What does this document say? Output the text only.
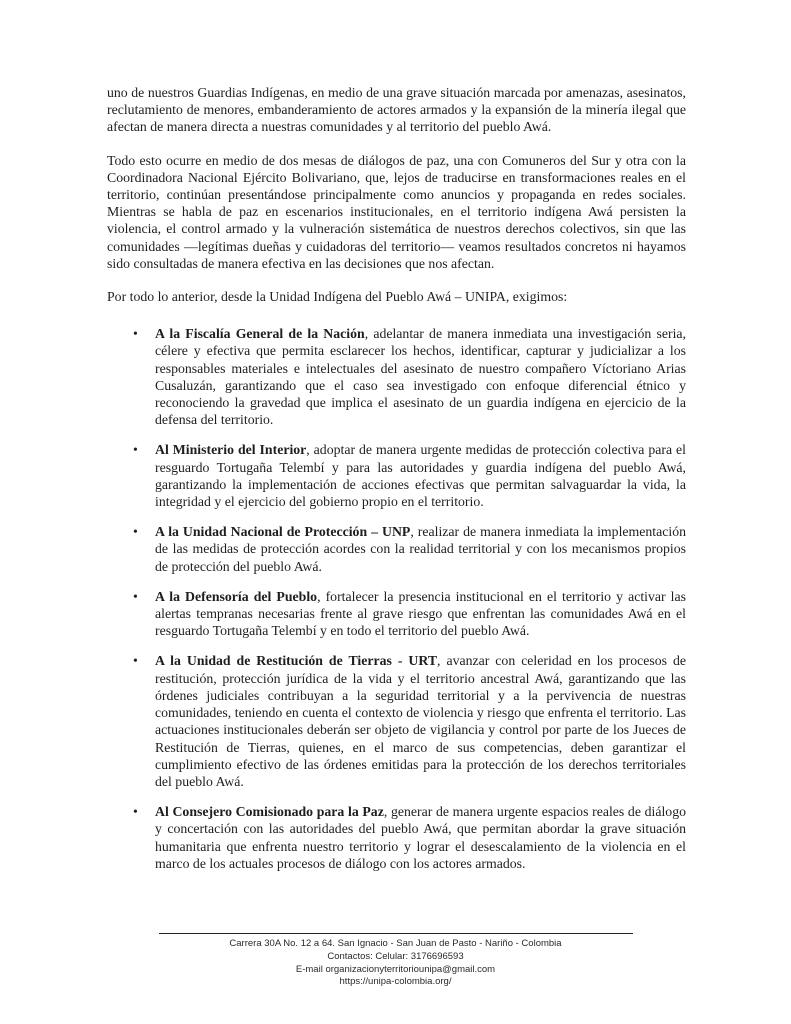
uno de nuestros Guardias Indígenas, en medio de una grave situación marcada por amenazas, asesinatos, reclutamiento de menores, embanderamiento de actores armados y la expansión de la minería ilegal que afectan de manera directa a nuestras comunidades y al territorio del pueblo Awá.

Todo esto ocurre en medio de dos mesas de diálogos de paz, una con Comuneros del Sur y otra con la Coordinadora Nacional Ejército Bolivariano, que, lejos de traducirse en transformaciones reales en el territorio, continúan presentándose principalmente como anuncios y propaganda en redes sociales. Mientras se habla de paz en escenarios institucionales, en el territorio indígena Awá persisten la violencia, el control armado y la vulneración sistemática de nuestros derechos colectivos, sin que las comunidades —legítimas dueñas y cuidadoras del territorio— veamos resultados concretos ni hayamos sido consultadas de manera efectiva en las decisiones que nos afectan.

Por todo lo anterior, desde la Unidad Indígena del Pueblo Awá – UNIPA, exigimos:

•	A la Fiscalía General de la Nación, adelantar de manera inmediata una investigación seria, célere y efectiva que permita esclarecer los hechos, identificar, capturar y judicializar a los responsables materiales e intelectuales del asesinato de nuestro compañero Víctoriano Arias Cusaluzán, garantizando que el caso sea investigado con enfoque diferencial étnico y reconociendo la gravedad que implica el asesinato de un guardia indígena en ejercicio de la defensa del territorio.
•	Al Ministerio del Interior, adoptar de manera urgente medidas de protección colectiva para el resguardo Tortugaña Telembí y para las autoridades y guardia indígena del pueblo Awá, garantizando la implementación de acciones efectivas que permitan salvaguardar la vida, la integridad y el ejercicio del gobierno propio en el territorio.
•	A la Unidad Nacional de Protección – UNP, realizar de manera inmediata la implementación de las medidas de protección acordes con la realidad territorial y con los mecanismos propios de protección del pueblo Awá.
•	A la Defensoría del Pueblo, fortalecer la presencia institucional en el territorio y activar las alertas tempranas necesarias frente al grave riesgo que enfrentan las comunidades Awá en el resguardo Tortugaña Telembí y en todo el territorio del pueblo Awá.
•	A la Unidad de Restitución de Tierras - URT, avanzar con celeridad en los procesos de restitución, protección jurídica de la vida y el territorio ancestral Awá, garantizando que las órdenes judiciales contribuyan a la seguridad territorial y a la pervivencia de nuestras comunidades, teniendo en cuenta el contexto de violencia y riesgo que enfrenta el territorio. Las actuaciones institucionales deberán ser objeto de vigilancia y control por parte de los Jueces de Restitución de Tierras, quienes, en el marco de sus competencias, deben garantizar el cumplimiento efectivo de las órdenes emitidas para la protección de los derechos territoriales del pueblo Awá.
•	Al Consejero Comisionado para la Paz, generar de manera urgente espacios reales de diálogo y concertación con las autoridades del pueblo Awá, que permitan abordar la grave situación humanitaria que enfrenta nuestro territorio y lograr el desescalamiento de la violencia en el marco de los actuales procesos de diálogo con los actores armados.
Carrera 30A No. 12 a 64. San Ignacio - San Juan de Pasto - Nariño - Colombia
Contactos: Celular: 3176696593
E-mail organizacionyterritoriounipa@gmail.com
https://unipa-colombia.org/
